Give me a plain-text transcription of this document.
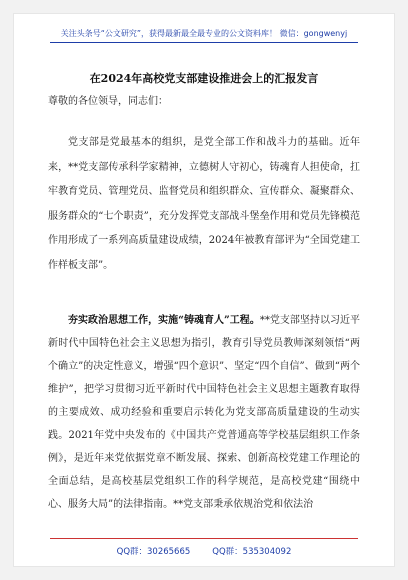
关注头条号“公文研究”，获得最新最全最专业的公文资料库！ 微信：gongwenyj
在2024年高校党支部建设推进会上的汇报发言
尊敬的各位领导，同志们：

党支部是党最基本的组织，是党全部工作和战斗力的基础。近年来，**党支部传承科学家精神，立德树人守初心，铸魂育人担使命，扛牢教育党员、管理党员、监督党员和组织群众、宣传群众、凝聚群众、服务群众的“七个职责”，充分发挥党支部战斗堡垒作用和党员先锋模范作用形成了一系列高质量建设成绩，2024年被教育部评为“全国党建工作样板支部”。

夯实政治思想工作，实施“铸魂育人”工程。**党支部坚持以习近平新时代中国特色社会主义思想为指引，教育引导党员教师深刻领悟“两个确立”的决定性意义，增强“四个意识”、坚定“四个自信”、做到“两个维护”，把学习贯彻习近平新时代中国特色社会主义思想主题教育取得的主要成效、成功经验和重要启示转化为党支部高质量建设的生动实践。2021年党中央发布的《中国共产党普通高等学校基层组织工作条例》，是近年来党依据党章不断发展、探索、创新高校党建工作理论的全面总结，是高校基层党组织工作的科学规范，是高校党建“围绕中心、服务大局”的法律指南。**党支部秉承依规治党和依法治

QQ群：30265665	QQ群：535304092
